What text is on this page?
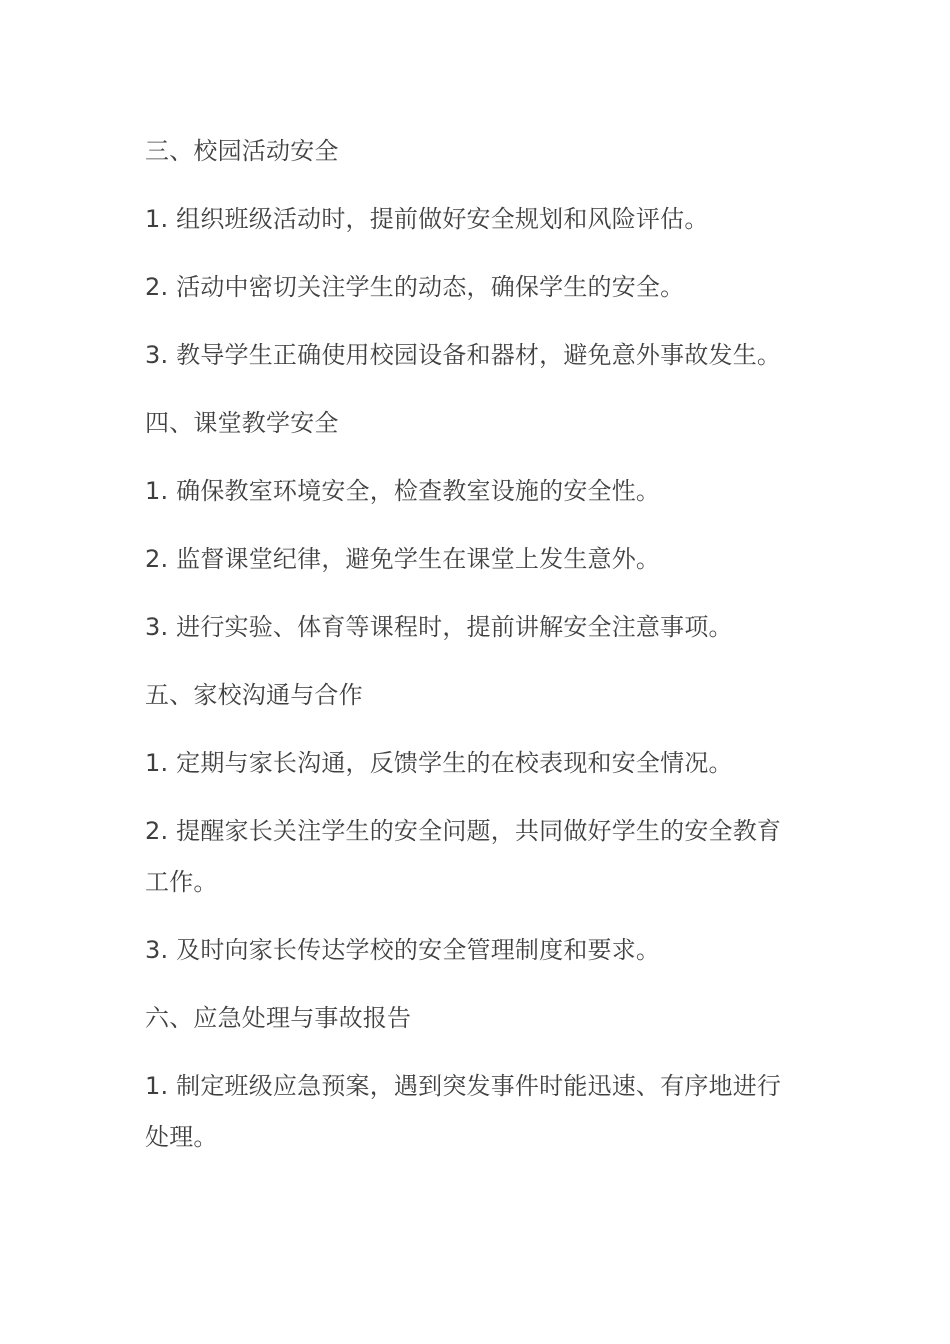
三、校园活动安全

1. 组织班级活动时，提前做好安全规划和风险评估。

2. 活动中密切关注学生的动态，确保学生的安全。

3. 教导学生正确使用校园设备和器材，避免意外事故发生。

四、课堂教学安全

1. 确保教室环境安全，检查教室设施的安全性。

2. 监督课堂纪律，避免学生在课堂上发生意外。

3. 进行实验、体育等课程时，提前讲解安全注意事项。

五、家校沟通与合作

1. 定期与家长沟通，反馈学生的在校表现和安全情况。

2. 提醒家长关注学生的安全问题，共同做好学生的安全教育工作。

3. 及时向家长传达学校的安全管理制度和要求。

六、应急处理与事故报告

1. 制定班级应急预案，遇到突发事件时能迅速、有序地进行处理。
